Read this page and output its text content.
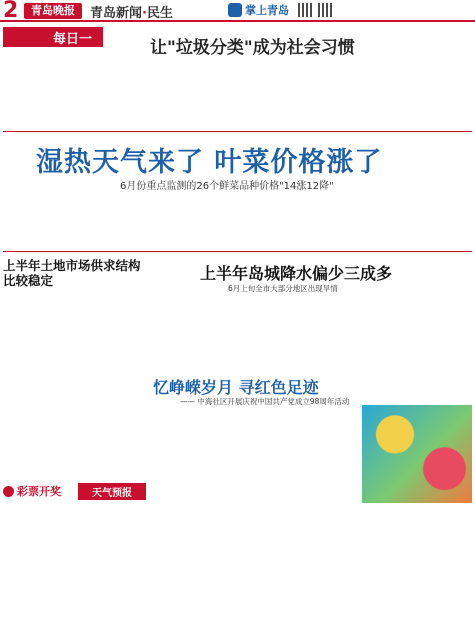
2	青岛晚报	青岛新闻·民生	掌上青岛
每日一评
让"垃圾分类"成为社会习惯
湿热天气来了 叶菜价格涨了
6月份重点监测的26个鲜菜品种价格"14涨12降"
上半年土地市场供求结构比较稳定	上半年岛城降水偏少三成多
6月上旬全市大部分地区出现旱情
忆峥嵘岁月 寻红色足迹
—— 中海社区开展庆祝中国共产党成立98周年活动
彩票开奖	天气预报
